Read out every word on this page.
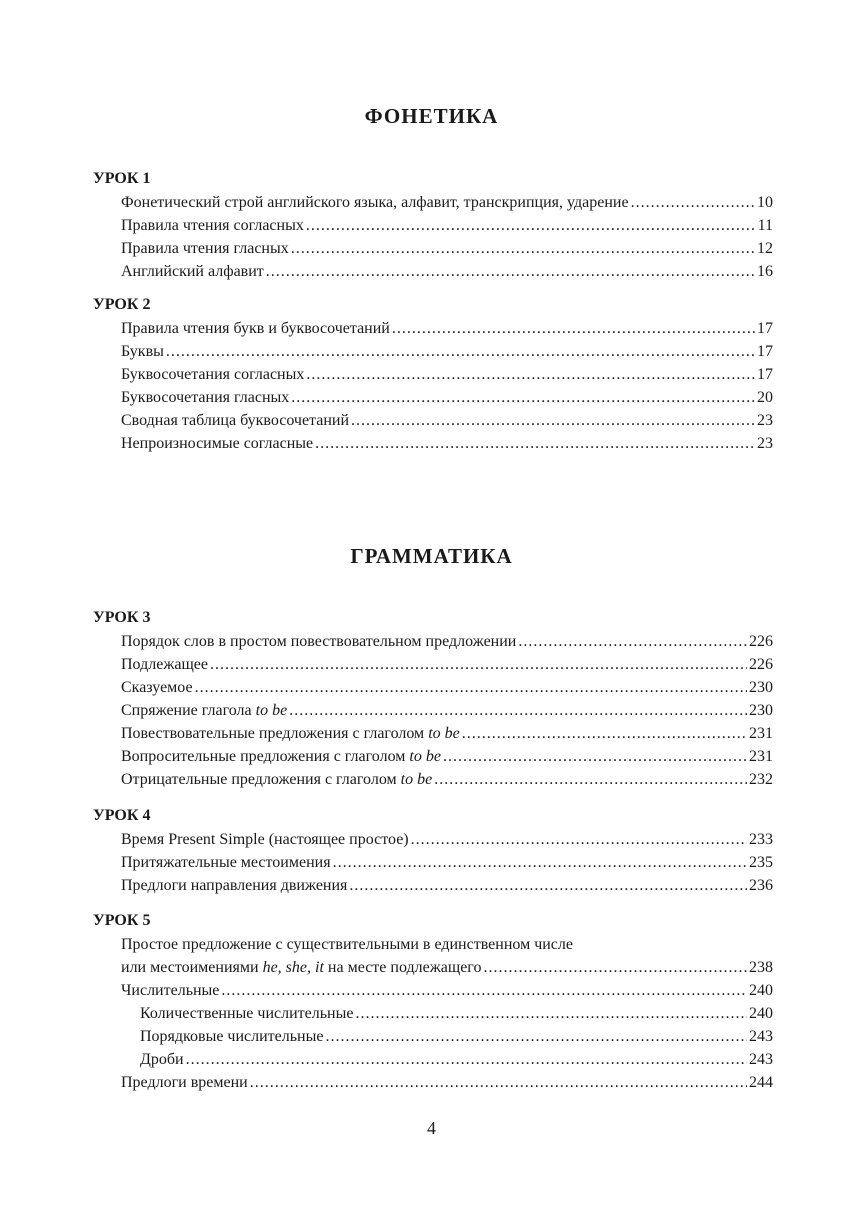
ФОНЕТИКА
УРОК 1
Фонетический строй английского языка, алфавит, транскрипция, ударение .....	10
Правила чтения согласных .....	11
Правила чтения гласных .....	12
Английский алфавит .....	16
УРОК 2
Правила чтения букв и буквосочетаний .....	17
Буквы .....	17
Буквосочетания согласных .....	17
Буквосочетания гласных .....	20
Сводная таблица буквосочетаний .....	23
Непроизносимые согласные .....	23
ГРАММАТИКА
УРОК 3
Порядок слов в простом повествовательном предложении .....	226
Подлежащее .....	226
Сказуемое .....	230
Спряжение глагола to be .....	230
Повествовательные предложения с глаголом to be .....	231
Вопросительные предложения с глаголом to be .....	231
Отрицательные предложения с глаголом to be .....	232
УРОК 4
Время Present Simple (настоящее простое) .....	233
Притяжательные местоимения .....	235
Предлоги направления движения .....	236
УРОК 5
Простое предложение с существительными в единственном числе
или местоимениями he, she, it на месте подлежащего .....	238
Числительные .....	240
Количественные числительные .....	240
Порядковые числительные .....	243
Дроби .....	243
Предлоги времени .....	244
4
